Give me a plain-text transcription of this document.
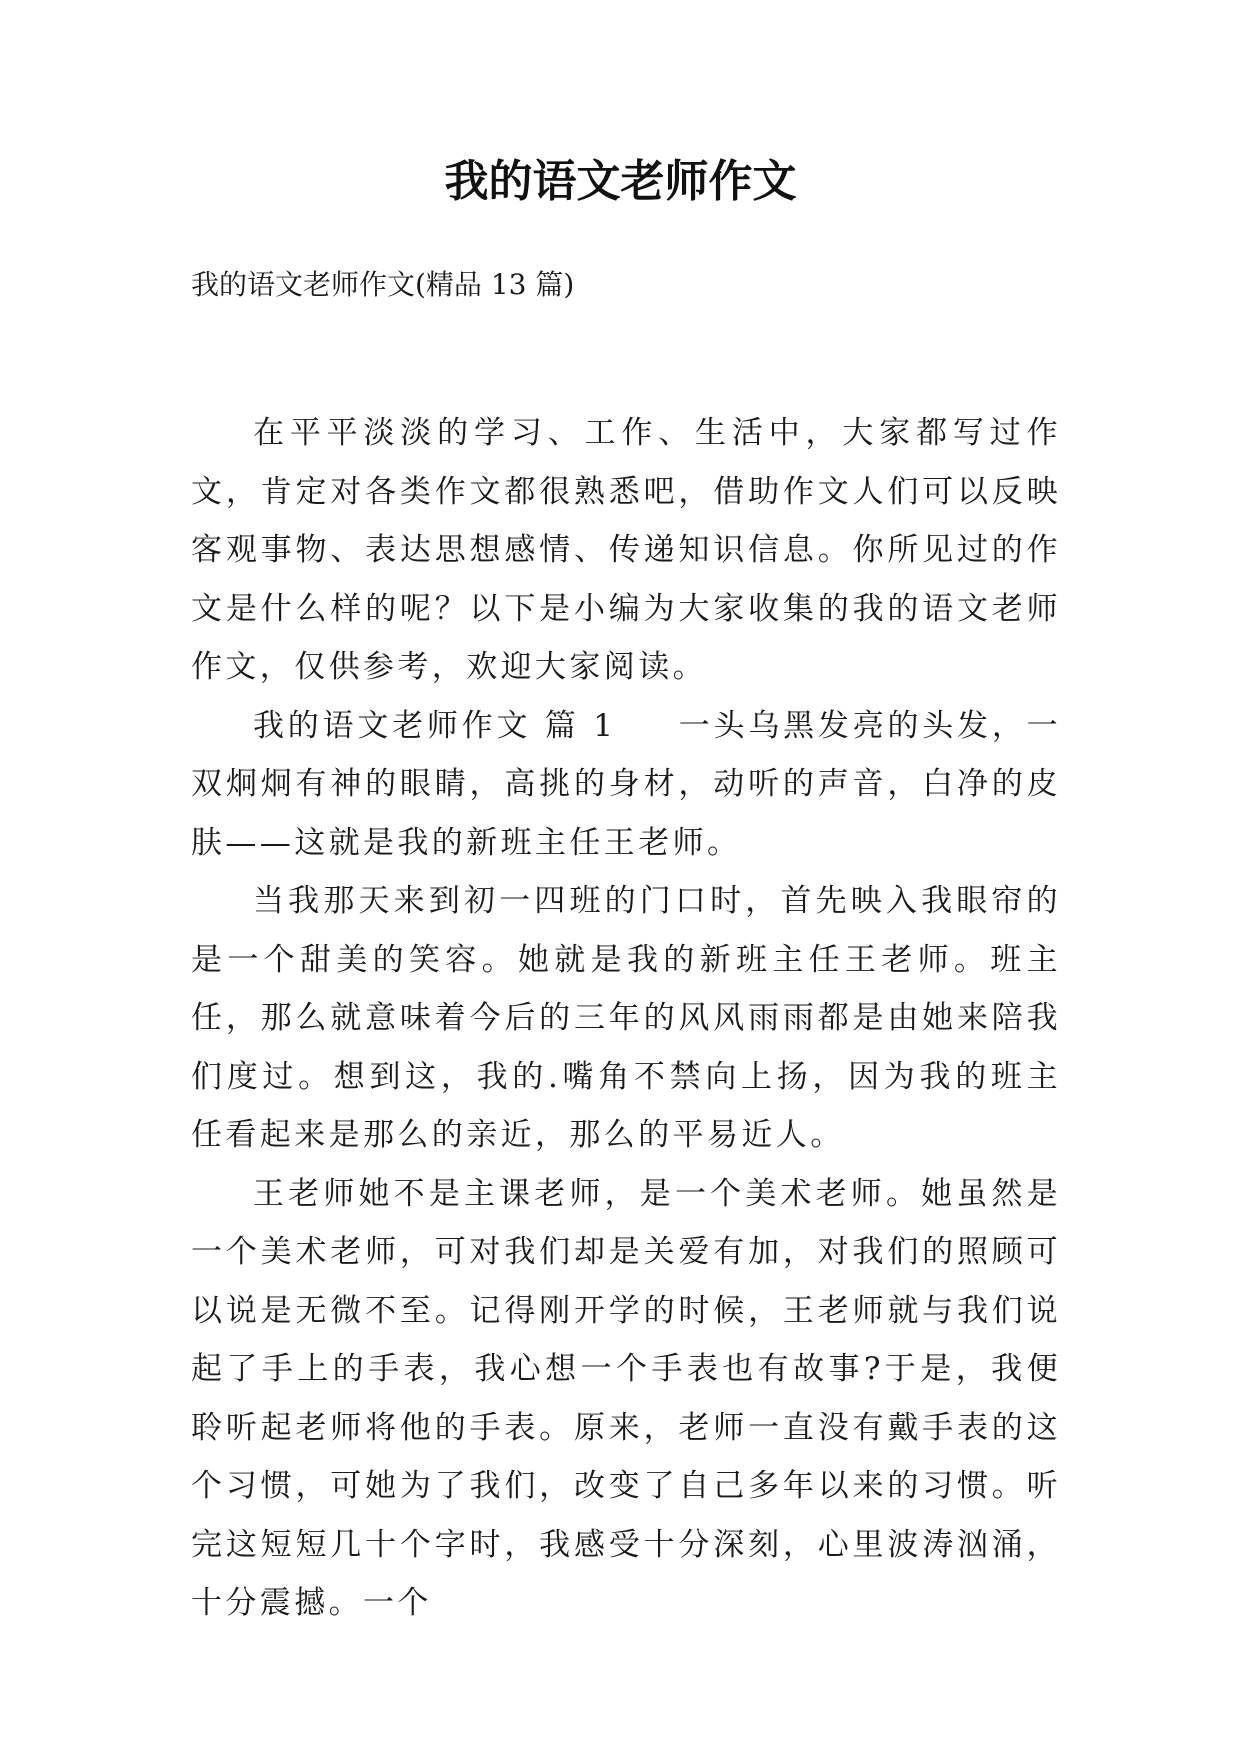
我的语文老师作文

我的语文老师作文(精品 13 篇)

在平平淡淡的学习、工作、生活中，大家都写过作文，肯定对各类作文都很熟悉吧，借助作文人们可以反映客观事物、表达思想感情、传递知识信息。你所见过的作文是什么样的呢？以下是小编为大家收集的我的语文老师作文，仅供参考，欢迎大家阅读。

我的语文老师作文 篇 1 一头乌黑发亮的头发，一双炯炯有神的眼睛，高挑的身材，动听的声音，白净的皮肤——这就是我的新班主任王老师。

当我那天来到初一四班的门口时，首先映入我眼帘的是一个甜美的笑容。她就是我的新班主任王老师。班主任，那么就意味着今后的三年的风风雨雨都是由她来陪我们度过。想到这，我的.嘴角不禁向上扬，因为我的班主任看起来是那么的亲近，那么的平易近人。

王老师她不是主课老师，是一个美术老师。她虽然是一个美术老师，可对我们却是关爱有加，对我们的照顾可以说是无微不至。记得刚开学的时候，王老师就与我们说起了手上的手表，我心想一个手表也有故事?于是，我便聆听起老师将他的手表。原来，老师一直没有戴手表的这个习惯，可她为了我们，改变了自己多年以来的习惯。听完这短短几十个字时，我感受十分深刻，心里波涛汹涌，十分震撼。一个
